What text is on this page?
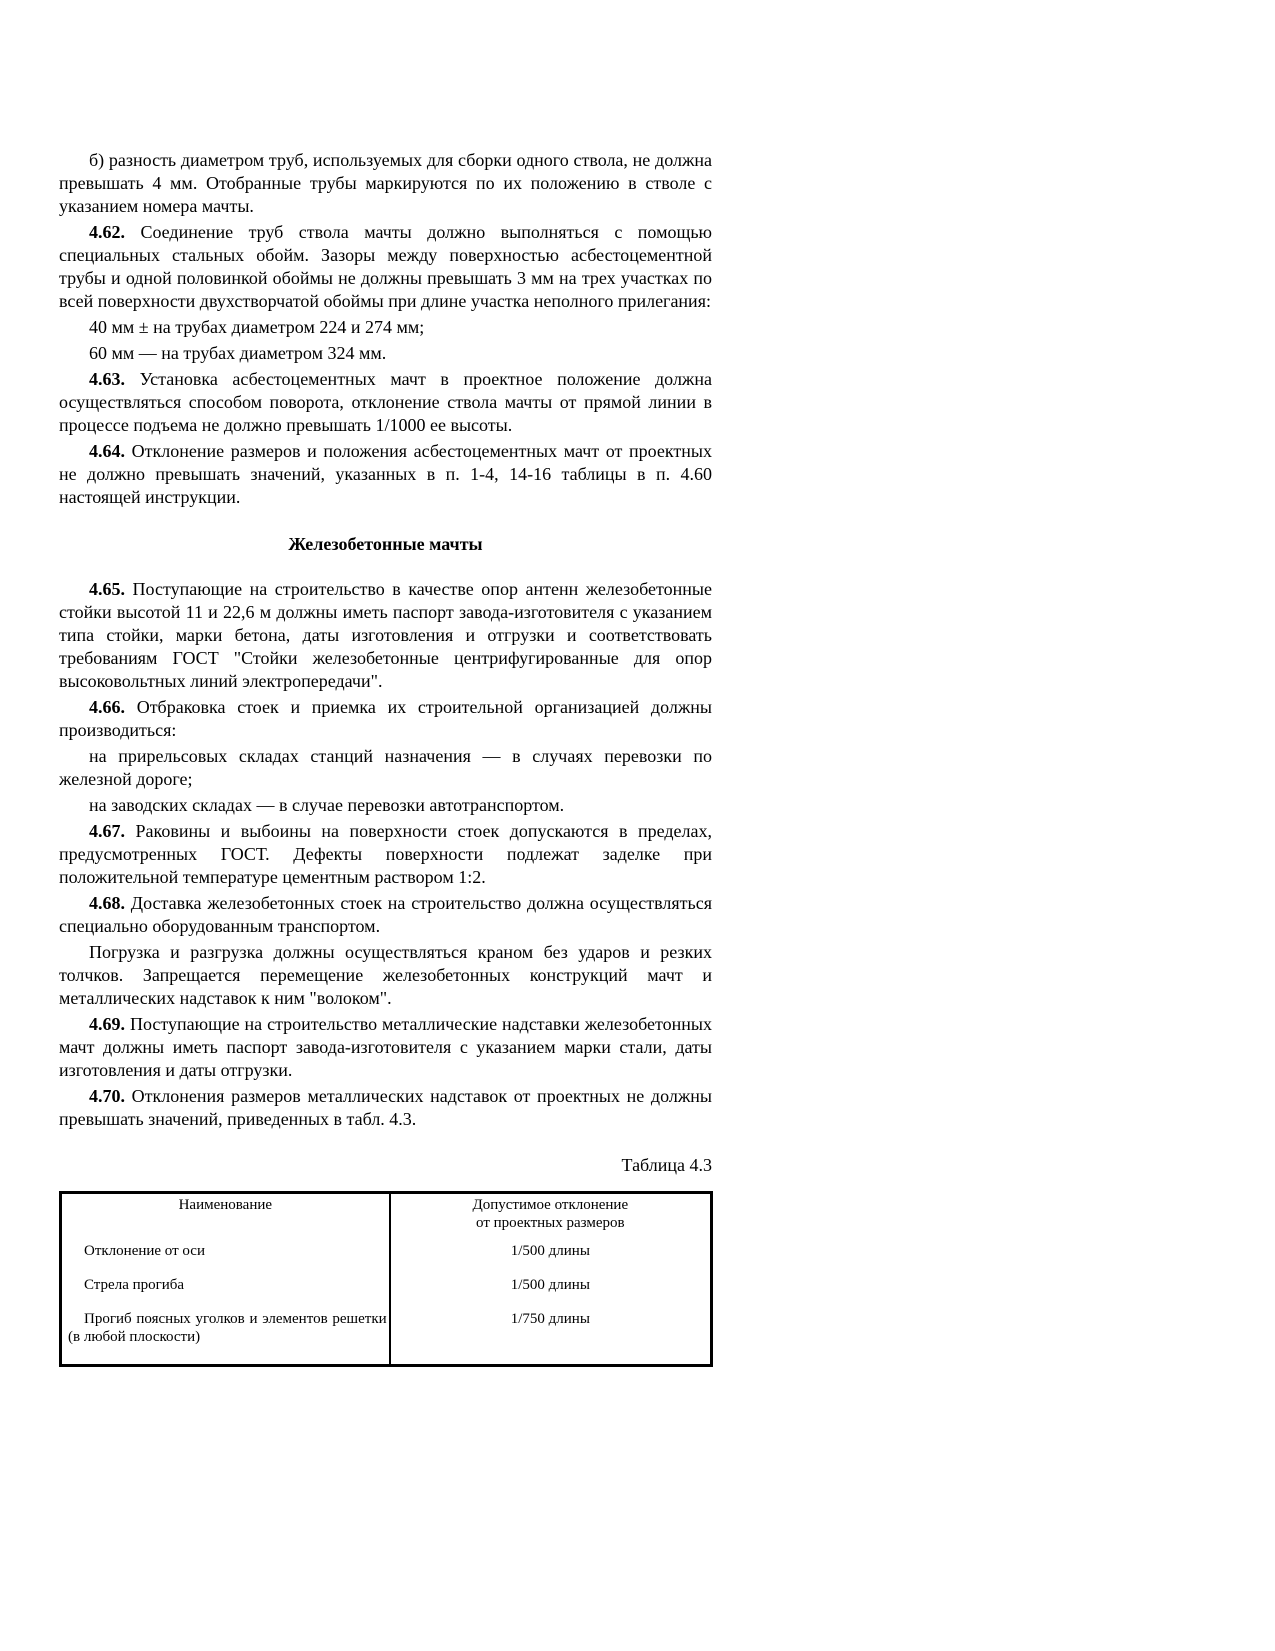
б) разность диаметром труб, используемых для сборки одного ствола, не должна превышать 4 мм. Отобранные трубы маркируются по их положению в стволе с указанием номера мачты.

4.62. Соединение труб ствола мачты должно выполняться с помощью специальных стальных обойм. Зазоры между поверхностью асбестоцементной трубы и одной половинкой обоймы не должны превышать 3 мм на трех участках по всей поверхности двухстворчатой обоймы при длине участка неполного прилегания:

40 мм ± на трубах диаметром 224 и 274 мм;

60 мм — на трубах диаметром 324 мм.

4.63. Установка асбестоцементных мачт в проектное положение должна осуществляться способом поворота, отклонение ствола мачты от прямой линии в процессе подъема не должно превышать 1/1000 ее высоты.

4.64. Отклонение размеров и положения асбестоцементных мачт от проектных не должно превышать значений, указанных в п. 1-4, 14-16 таблицы в п. 4.60 настоящей инструкции.

Железобетонные мачты

4.65. Поступающие на строительство в качестве опор антенн железобетонные стойки высотой 11 и 22,6 м должны иметь паспорт завода-изготовителя с указанием типа стойки, марки бетона, даты изготовления и отгрузки и соответствовать требованиям ГОСТ "Стойки железобетонные центрифугированные для опор высоковольтных линий электропередачи".

4.66. Отбраковка стоек и приемка их строительной организацией должны производиться:

на прирельсовых складах станций назначения — в случаях перевозки по железной дороге;

на заводских складах — в случае перевозки автотранспортом.

4.67. Раковины и выбоины на поверхности стоек допускаются в пределах, предусмотренных ГОСТ. Дефекты поверхности подлежат заделке при положительной температуре цементным раствором 1:2.

4.68. Доставка железобетонных стоек на строительство должна осуществляться специально оборудованным транспортом.

Погрузка и разгрузка должны осуществляться краном без ударов и резких толчков. Запрещается перемещение железобетонных конструкций мачт и металлических надставок к ним "волоком".

4.69. Поступающие на строительство металлические надставки железобетонных мачт должны иметь паспорт завода-изготовителя с указанием марки стали, даты изготовления и даты отгрузки.

4.70. Отклонения размеров металлических надставок от проектных не должны превышать значений, приведенных в табл. 4.3.

Таблица 4.3
Наименование	Допустимое отклонение
от проектных размеров

Отклонение от оси	1/500 длины
Стрела прогиба	1/500 длины
Прогиб поясных уголков и элементов решетки (в любой плоскости)	1/750 длины
